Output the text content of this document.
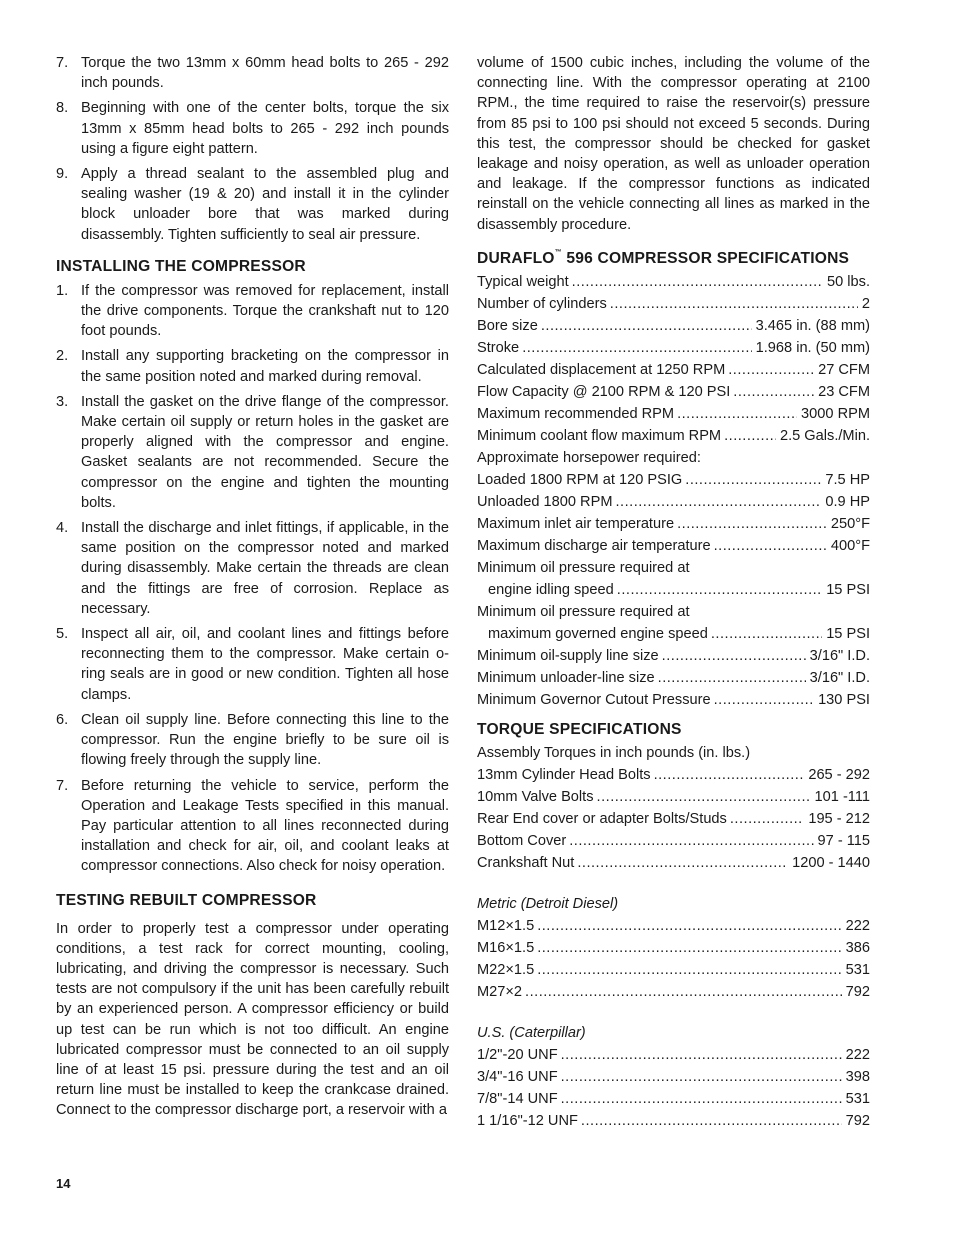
7. Torque the two 13mm x 60mm head bolts to 265 - 292 inch pounds.
8. Beginning with one of the center bolts, torque the six 13mm x 85mm head bolts to 265 - 292 inch pounds using a figure eight pattern.
9. Apply a thread sealant to the assembled plug and sealing washer (19 & 20) and install it in the cylinder block unloader bore that was marked during disassembly. Tighten sufficiently to seal air pressure.
INSTALLING THE COMPRESSOR
1. If the compressor was removed for replacement, install the drive components. Torque the crankshaft nut to 120 foot pounds.
2. Install any supporting bracketing on the compressor in the same position noted and marked during removal.
3. Install the gasket on the drive flange of the compressor. Make certain oil supply or return holes in the gasket are properly aligned with the compressor and engine. Gasket sealants are not recommended. Secure the compressor on the engine and tighten the mounting bolts.
4. Install the discharge and inlet fittings, if applicable, in the same position on the compressor noted and marked during disassembly. Make certain the threads are clean and the fittings are free of corrosion. Replace as necessary.
5. Inspect all air, oil, and coolant lines and fittings before reconnecting them to the compressor. Make certain o-ring seals are in good or new condition. Tighten all hose clamps.
6. Clean oil supply line. Before connecting this line to the compressor. Run the engine briefly to be sure oil is flowing freely through the supply line.
7. Before returning the vehicle to service, perform the Operation and Leakage Tests specified in this manual. Pay particular attention to all lines reconnected during installation and check for air, oil, and coolant leaks at compressor connections. Also check for noisy operation.
TESTING REBUILT COMPRESSOR

In order to properly test a compressor under operating conditions, a test rack for correct mounting, cooling, lubricating, and driving the compressor is necessary. Such tests are not compulsory if the unit has been carefully rebuilt by an experienced person. A compressor efficiency or build up test can be run which is not too difficult. An engine lubricated compressor must be connected to an oil supply line of at least 15 psi. pressure during the test and an oil return line must be installed to keep the crankcase drained. Connect to the compressor discharge port, a reservoir with a

volume of 1500 cubic inches, including the volume of the connecting line. With the compressor operating at 2100 RPM., the time required to raise the reservoir(s) pressure from 85 psi to 100 psi should not exceed 5 seconds. During this test, the compressor should be checked for gasket leakage and noisy operation, as well as unloader operation and leakage. If the compressor functions as indicated reinstall on the vehicle connecting all lines as marked in the disassembly procedure.

DURAFLO™ 596 COMPRESSOR SPECIFICATIONS
Typical weight .....	50 lbs.
Number of cylinders .....	2
Bore size .....	3.465 in. (88 mm)
Stroke .....	1.968 in. (50 mm)
Calculated displacement at 1250 RPM .....	27 CFM
Flow Capacity @ 2100 RPM & 120 PSI .....	23 CFM
Maximum recommended RPM .....	3000 RPM
Minimum coolant flow maximum RPM .....	2.5 Gals./Min.
Approximate horsepower required:
Loaded 1800 RPM at 120 PSIG .....	7.5 HP
Unloaded 1800 RPM .....	0.9 HP
Maximum inlet air temperature .....	250°F
Maximum discharge air temperature .....	400°F
Minimum oil pressure required at
engine idling speed .....	15 PSI
Minimum oil pressure required at
maximum governed engine speed .....	15 PSI
Minimum oil-supply line size .....	3/16" I.D.
Minimum unloader-line size .....	3/16" I.D.
Minimum Governor Cutout Pressure .....	130 PSI
TORQUE SPECIFICATIONS
Assembly Torques in inch pounds (in. lbs.)
13mm Cylinder Head Bolts .....	265 - 292
10mm Valve Bolts .....	101 -111
Rear End cover or adapter Bolts/Studs .....	195 - 212
Bottom Cover .....	97 - 115
Crankshaft Nut .....	1200 - 1440
Metric (Detroit Diesel)
M12×1.5 .....	222
M16×1.5 .....	386
M22×1.5 .....	531
M27×2 .....	792
U.S. (Caterpillar)
1/2"-20 UNF .....	222
3/4"-16 UNF .....	398
7/8"-14 UNF .....	531
1 1/16"-12 UNF .....	792
14
